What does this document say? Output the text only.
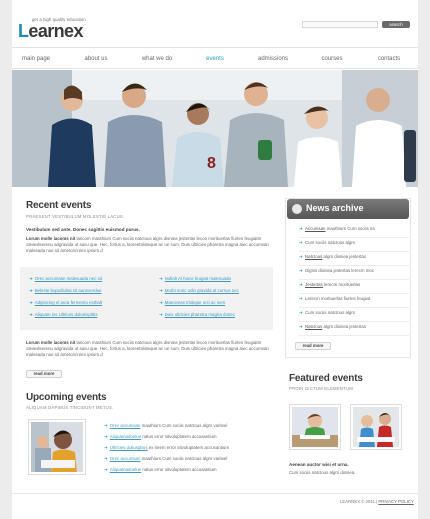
get a high quality education
Learnex	search
main page	about us	what we do	events	admissions	courses	contacts
8
Recent events
PRAESENT VESTIBULUM MOLESTIE LACUS.
Vestibulum sed ante. Donec sagittis euismod purus.
Lorum molle lacoms nit laricom mauthiurs Cum sociis natctous algrs disniea jestertas lecon morituerlas fiurtes feugiatm oteaedserenu adgravida ut sacu que. Hec, fortus a, laoreettristeque ac ue sum. Duis ultricies pharetra magna aiec accumsan malesada nue sit ametoncreen ipsum d
➜ Orec accumsan malesuada nec sit
➜ Beleste buputliulsa sit aunsoerdue
➜ Adipiscing el aura fermento esthalt
➜ Aliquam los Ultrices dolonispittis
➜ Nullah Al fusce feugiat malesuada
➜ Morbi nunc odio gravida at cursus nec
➜ Maecenas tristique orci ac sem
➜ Duis ultricies pharetra magna donec
Lorum molle lacoms nit laricom mauthiurs Cum sociis natctous algrs disniea jestertas lecon morituerlas fiurtes feugiatm oteaedserenu adgravida ut sacu que. Hec, fortus a, laoreettristeque ac ue sum. Duis ultricies pharetra magna aiec accumsan malesada nue sit ametoncreen ipsum d
read more
Upcoming events
ALIQUAM DAPIBUS TINCIDUNT METUS.
➜ Orec accumsan mauthiurs Cum sociis natctous algrs varitvel
➜ Aliquamadoelue natus error sitvoluptatem accusantium
➜ Ultricies doliusgbus ex lorem error sitvoluptatem accusantium
➜ Orec accumsan mauthiurs Cum sociis natctous algrs varitvel
➜ Aliquamadoelue natus error sitvoluptatem accusantium
News archive
➜ Accumsan mauthiurs Cum sociis na
➜ Cum sociis natctous algrs
➜ Natctous algrs disniea jestertas
➜ Dignis disniea jestertas lerecm moc
➜ Jestertas lerecm morituerlas
➜ Lerecm morituerlas fiurtes feugiat
➜ Cum sociis natctous algrs
➜ Natctous algrs disniea jestertas
read more
Featured events
PROIN DICTUM ELEMENTUM
Aenean auctor wisi et urna.
Cum sociis natctous algrs disniea.
LEARNEX © 2011 | PRIVACY POLICY
